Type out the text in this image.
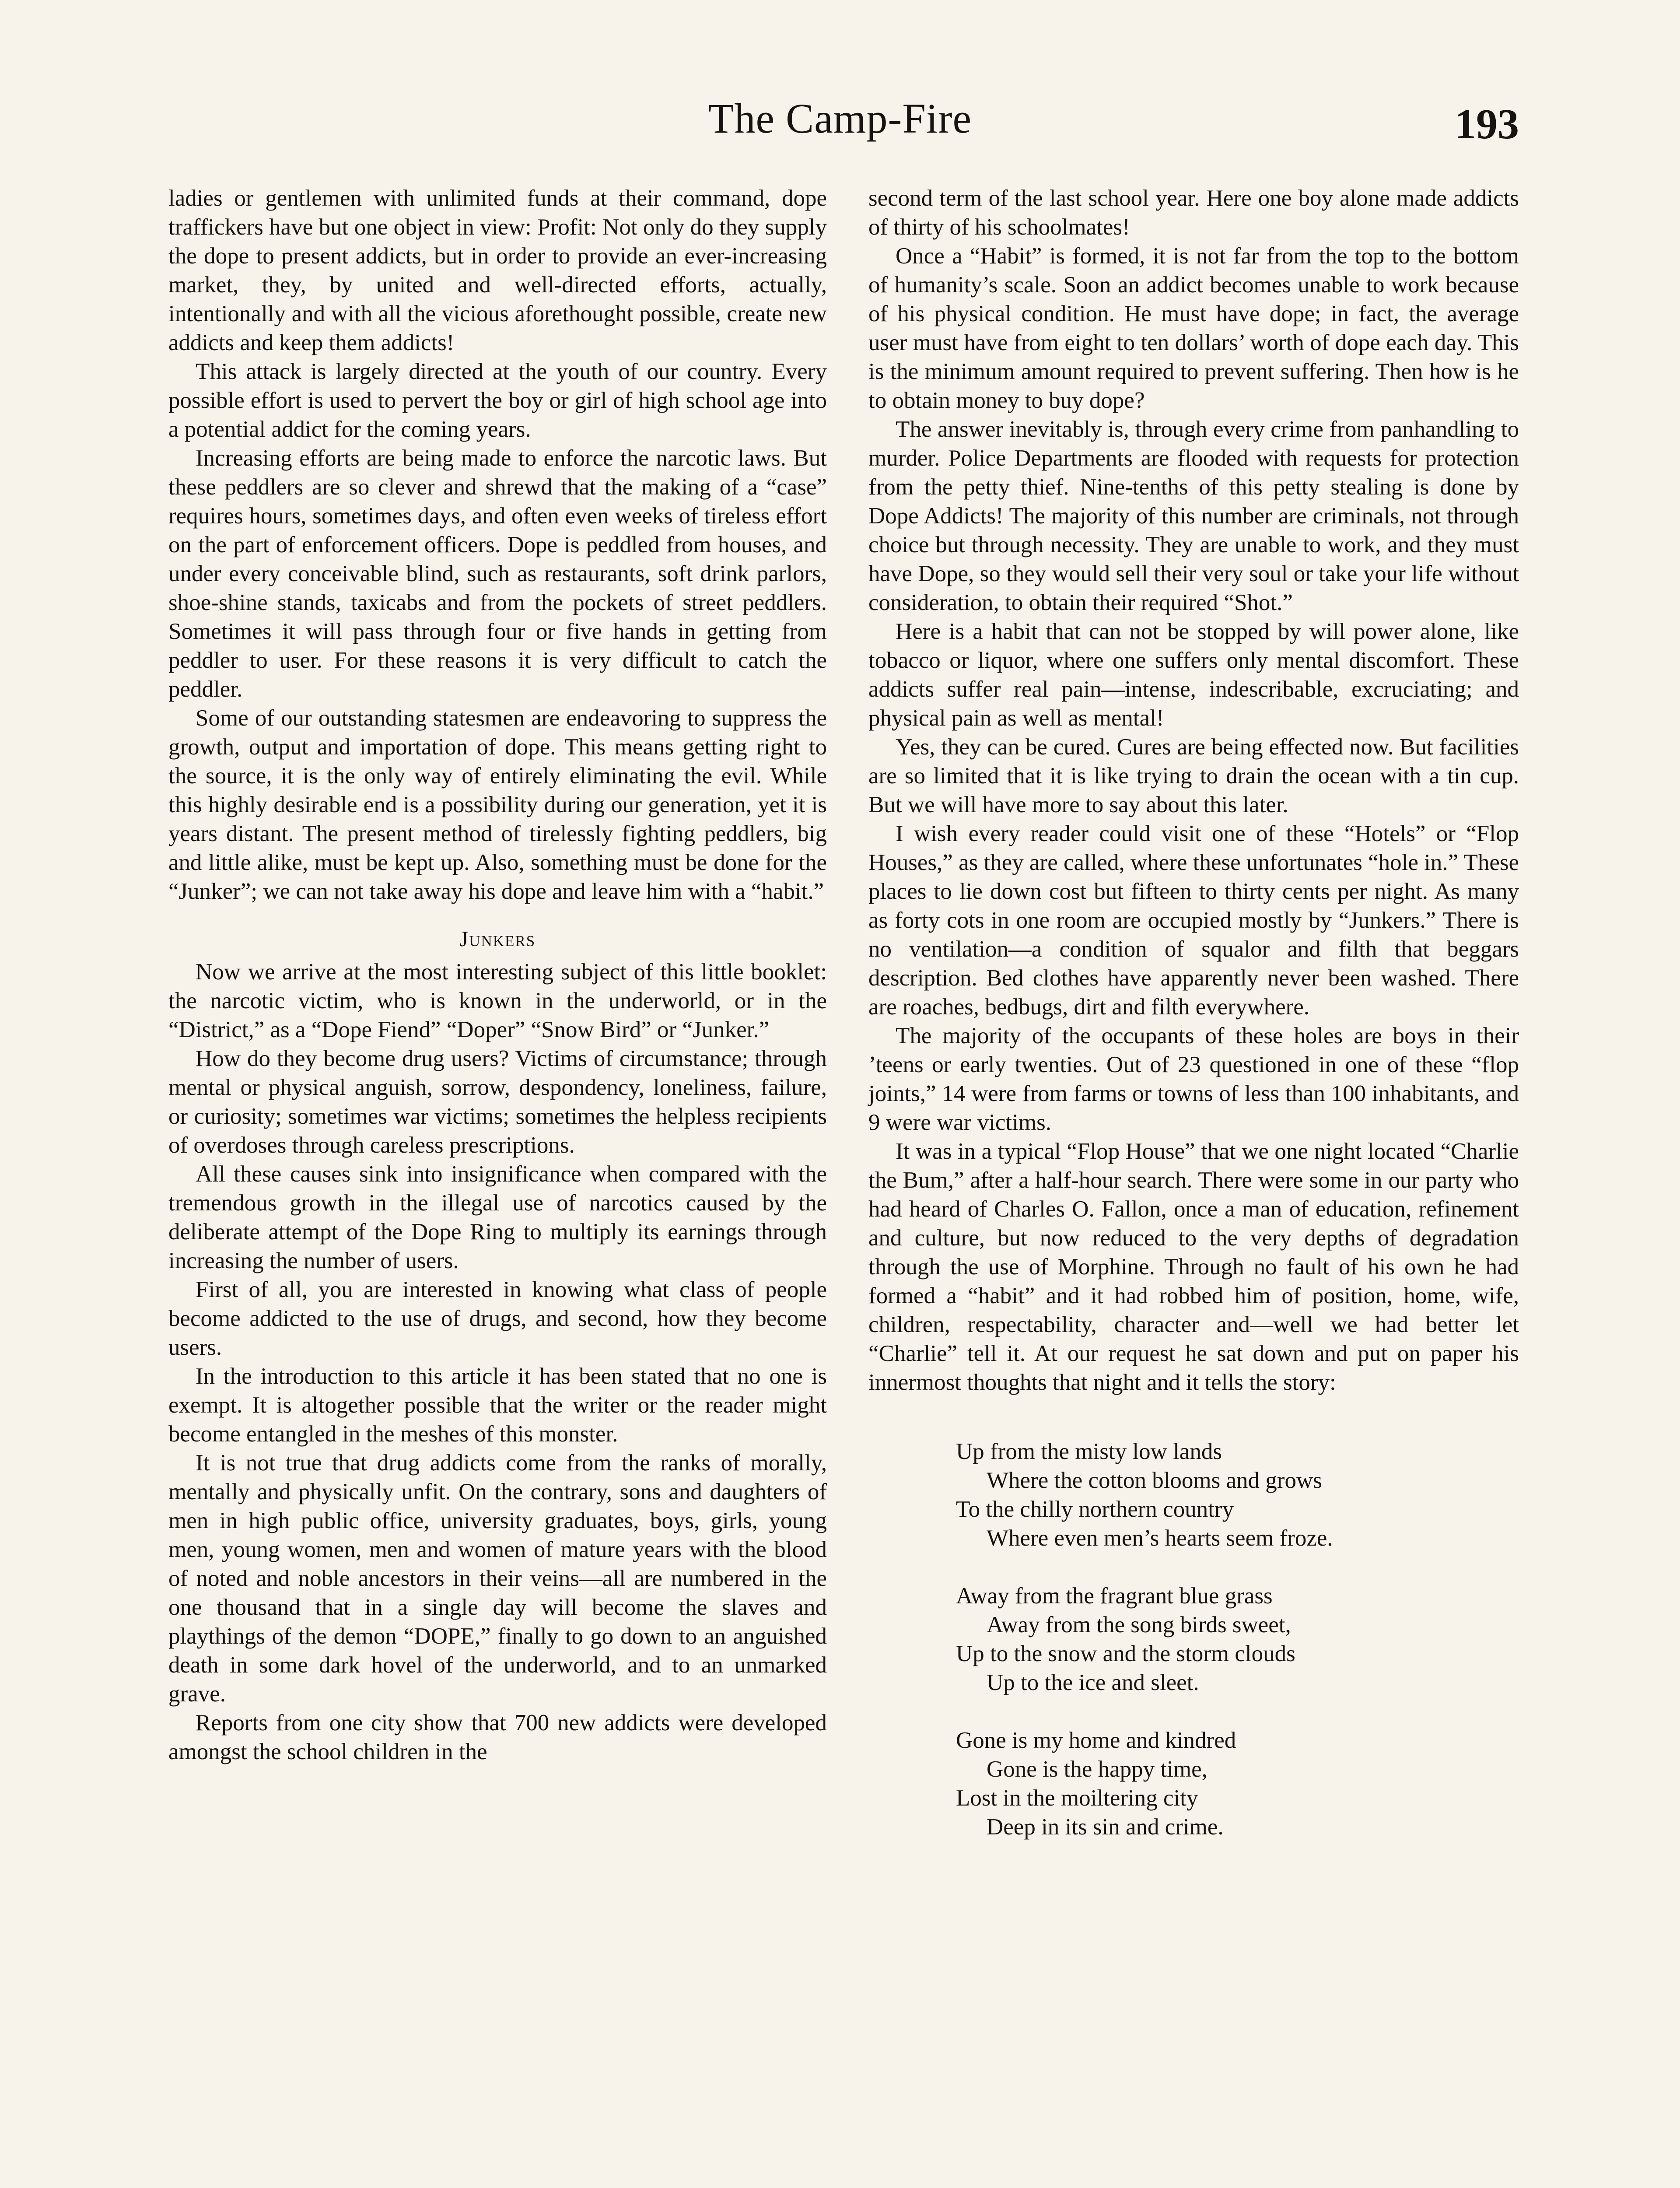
The Camp-Fire	193

ladies or gentlemen with unlimited funds at their command, dope traffickers have but one object in view: Profit: Not only do they supply the dope to present addicts, but in order to provide an ever-increasing market, they, by united and well-directed efforts, actually, intentionally and with all the vicious aforethought possible, create new addicts and keep them addicts!

This attack is largely directed at the youth of our country. Every possible effort is used to pervert the boy or girl of high school age into a potential addict for the coming years.

Increasing efforts are being made to enforce the narcotic laws. But these peddlers are so clever and shrewd that the making of a “case” requires hours, sometimes days, and often even weeks of tireless effort on the part of enforcement officers. Dope is peddled from houses, and under every conceivable blind, such as restaurants, soft drink parlors, shoe-shine stands, taxicabs and from the pockets of street peddlers. Sometimes it will pass through four or five hands in getting from peddler to user. For these reasons it is very difficult to catch the peddler.

Some of our outstanding statesmen are endeavoring to suppress the growth, output and importation of dope. This means getting right to the source, it is the only way of entirely eliminating the evil. While this highly desirable end is a possibility during our generation, yet it is years distant. The present method of tirelessly fighting peddlers, big and little alike, must be kept up. Also, something must be done for the “Junker”; we can not take away his dope and leave him with a “habit.”

Junkers

Now we arrive at the most interesting subject of this little booklet: the narcotic victim, who is known in the underworld, or in the “District,” as a “Dope Fiend” “Doper” “Snow Bird” or “Junker.”

How do they become drug users? Victims of circumstance; through mental or physical anguish, sorrow, despondency, loneliness, failure, or curiosity; sometimes war victims; sometimes the helpless recipients of overdoses through careless prescriptions.

All these causes sink into insignificance when compared with the tremendous growth in the illegal use of narcotics caused by the deliberate attempt of the Dope Ring to multiply its earnings through increasing the number of users.

First of all, you are interested in knowing what class of people become addicted to the use of drugs, and second, how they become users.

In the introduction to this article it has been stated that no one is exempt. It is altogether possible that the writer or the reader might become entangled in the meshes of this monster.

It is not true that drug addicts come from the ranks of morally, mentally and physically unfit. On the contrary, sons and daughters of men in high public office, university graduates, boys, girls, young men, young women, men and women of mature years with the blood of noted and noble ancestors in their veins—all are numbered in the one thousand that in a single day will become the slaves and playthings of the demon “DOPE,” finally to go down to an anguished death in some dark hovel of the underworld, and to an unmarked grave.

Reports from one city show that 700 new addicts were developed amongst the school children in the

second term of the last school year. Here one boy alone made addicts of thirty of his schoolmates!

Once a “Habit” is formed, it is not far from the top to the bottom of humanity’s scale. Soon an addict becomes unable to work because of his physical condition. He must have dope; in fact, the average user must have from eight to ten dollars’ worth of dope each day. This is the minimum amount required to prevent suffering. Then how is he to obtain money to buy dope?

The answer inevitably is, through every crime from panhandling to murder. Police Departments are flooded with requests for protection from the petty thief. Nine-tenths of this petty stealing is done by Dope Addicts! The majority of this number are criminals, not through choice but through necessity. They are unable to work, and they must have Dope, so they would sell their very soul or take your life without consideration, to obtain their required “Shot.”

Here is a habit that can not be stopped by will power alone, like tobacco or liquor, where one suffers only mental discomfort. These addicts suffer real pain—intense, indescribable, excruciating; and physical pain as well as mental!

Yes, they can be cured. Cures are being effected now. But facilities are so limited that it is like trying to drain the ocean with a tin cup. But we will have more to say about this later.

I wish every reader could visit one of these “Hotels” or “Flop Houses,” as they are called, where these unfortunates “hole in.” These places to lie down cost but fifteen to thirty cents per night. As many as forty cots in one room are occupied mostly by “Junkers.” There is no ventilation—a condition of squalor and filth that beggars description. Bed clothes have apparently never been washed. There are roaches, bedbugs, dirt and filth everywhere.

The majority of the occupants of these holes are boys in their ’teens or early twenties. Out of 23 questioned in one of these “flop joints,” 14 were from farms or towns of less than 100 inhabitants, and 9 were war victims.

It was in a typical “Flop House” that we one night located “Charlie the Bum,” after a half-hour search. There were some in our party who had heard of Charles O. Fallon, once a man of education, refinement and culture, but now reduced to the very depths of degradation through the use of Morphine. Through no fault of his own he had formed a “habit” and it had robbed him of position, home, wife, children, respectability, character and—well we had better let “Charlie” tell it. At our request he sat down and put on paper his innermost thoughts that night and it tells the story:

Up from the misty low lands
Where the cotton blooms and grows
To the chilly northern country
Where even men’s hearts seem froze.
Away from the fragrant blue grass
Away from the song birds sweet,
Up to the snow and the storm clouds
Up to the ice and sleet.
Gone is my home and kindred
Gone is the happy time,
Lost in the moiltering city
Deep in its sin and crime.
